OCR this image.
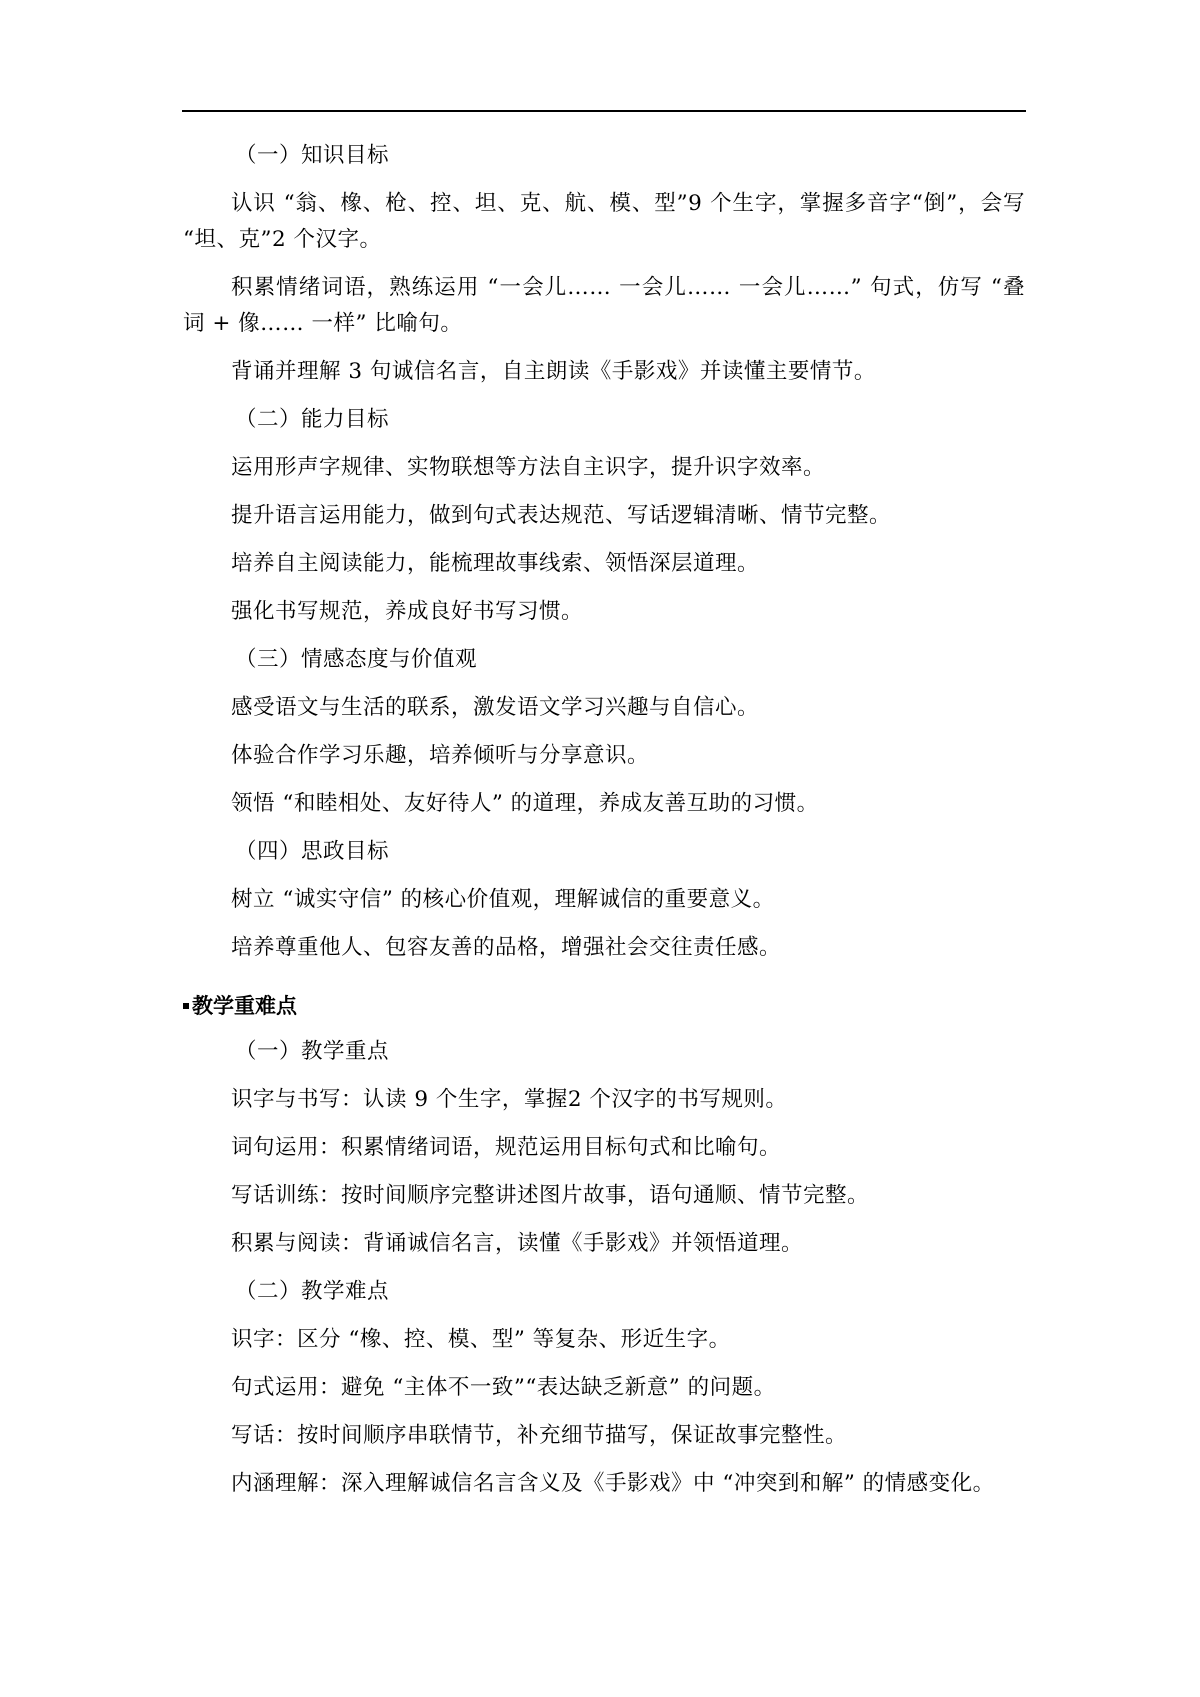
（一）知识目标

认识 “翁、橡、枪、控、坦、克、航、模、型”9 个生字，掌握多音字“倒”，会写 “坦、克”2 个汉字。

积累情绪词语，熟练运用 “一会儿…… 一会儿…… 一会儿……” 句式，仿写 “叠词 + 像…… 一样” 比喻句。

背诵并理解 3 句诚信名言，自主朗读《手影戏》并读懂主要情节。

（二）能力目标

运用形声字规律、实物联想等方法自主识字，提升识字效率。

提升语言运用能力，做到句式表达规范、写话逻辑清晰、情节完整。

培养自主阅读能力，能梳理故事线索、领悟深层道理。

强化书写规范，养成良好书写习惯。

（三）情感态度与价值观

感受语文与生活的联系，激发语文学习兴趣与自信心。

体验合作学习乐趣，培养倾听与分享意识。

领悟 “和睦相处、友好待人” 的道理，养成友善互助的习惯。

（四）思政目标

树立 “诚实守信” 的核心价值观，理解诚信的重要意义。

培养尊重他人、包容友善的品格，增强社会交往责任感。

教学重难点

（一）教学重点

识字与书写：认读 9 个生字，掌握2 个汉字的书写规则。

词句运用：积累情绪词语，规范运用目标句式和比喻句。

写话训练：按时间顺序完整讲述图片故事，语句通顺、情节完整。

积累与阅读：背诵诚信名言，读懂《手影戏》并领悟道理。

（二）教学难点

识字：区分 “橡、控、模、型” 等复杂、形近生字。

句式运用：避免 “主体不一致”“表达缺乏新意” 的问题。

写话：按时间顺序串联情节，补充细节描写，保证故事完整性。

内涵理解：深入理解诚信名言含义及《手影戏》中 “冲突到和解” 的情感变化。
